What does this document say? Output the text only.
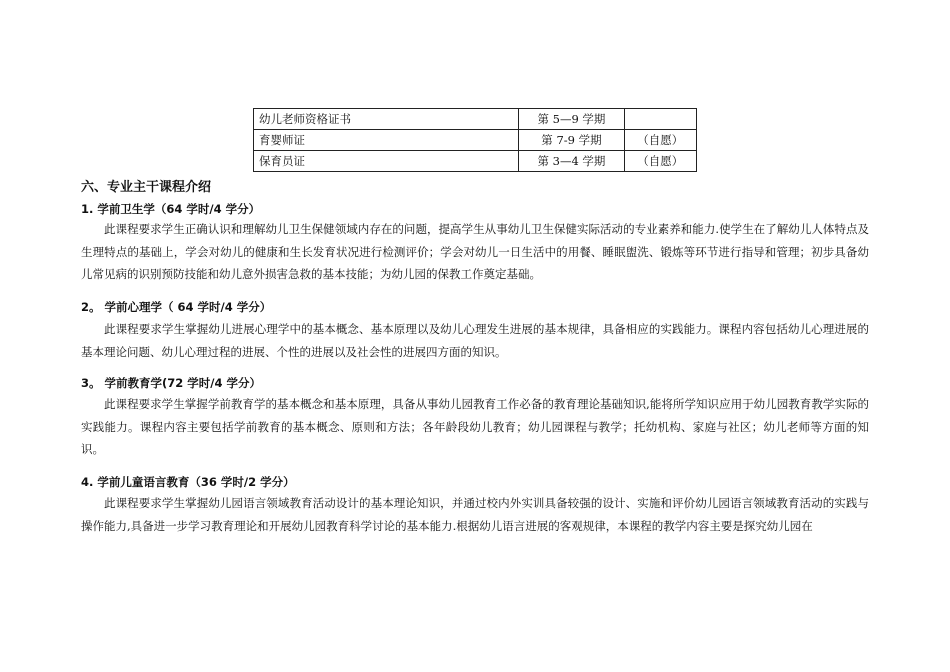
幼儿老师资格证书	第 5—9 学期	
育婴师证	第 7-9 学期	（自愿）
保育员证	第 3—4 学期	（自愿）
六、专业主干课程介绍
1. 学前卫生学（64 学时/4 学分）

此课程要求学生正确认识和理解幼儿卫生保健领域内存在的问题，提高学生从事幼儿卫生保健实际活动的专业素养和能力.使学生在了解幼儿人体特点及生理特点的基础上，学会对幼儿的健康和生长发育状况进行检测评价；学会对幼儿一日生活中的用餐、睡眠盥洗、锻炼等环节进行指导和管理；初步具备幼儿常见病的识别预防技能和幼儿意外损害急救的基本技能；为幼儿园的保教工作奠定基础。

2。 学前心理学（ 64 学时/4 学分）

此课程要求学生掌握幼儿进展心理学中的基本概念、基本原理以及幼儿心理发生进展的基本规律，具备相应的实践能力。课程内容包括幼儿心理进展的基本理论问题、幼儿心理过程的进展、个性的进展以及社会性的进展四方面的知识。

3。 学前教育学(72 学时/4 学分）

此课程要求学生掌握学前教育学的基本概念和基本原理，具备从事幼儿园教育工作必备的教育理论基础知识,能将所学知识应用于幼儿园教育教学实际的实践能力。课程内容主要包括学前教育的基本概念、原则和方法；各年龄段幼儿教育；幼儿园课程与教学；托幼机构、家庭与社区；幼儿老师等方面的知识。

4. 学前儿童语言教育（36 学时/2 学分）

此课程要求学生掌握幼儿园语言领域教育活动设计的基本理论知识，并通过校内外实训具备较强的设计、实施和评价幼儿园语言领域教育活动的实践与操作能力,具备进一步学习教育理论和开展幼儿园教育科学讨论的基本能力.根据幼儿语言进展的客观规律，本课程的教学内容主要是探究幼儿园在
